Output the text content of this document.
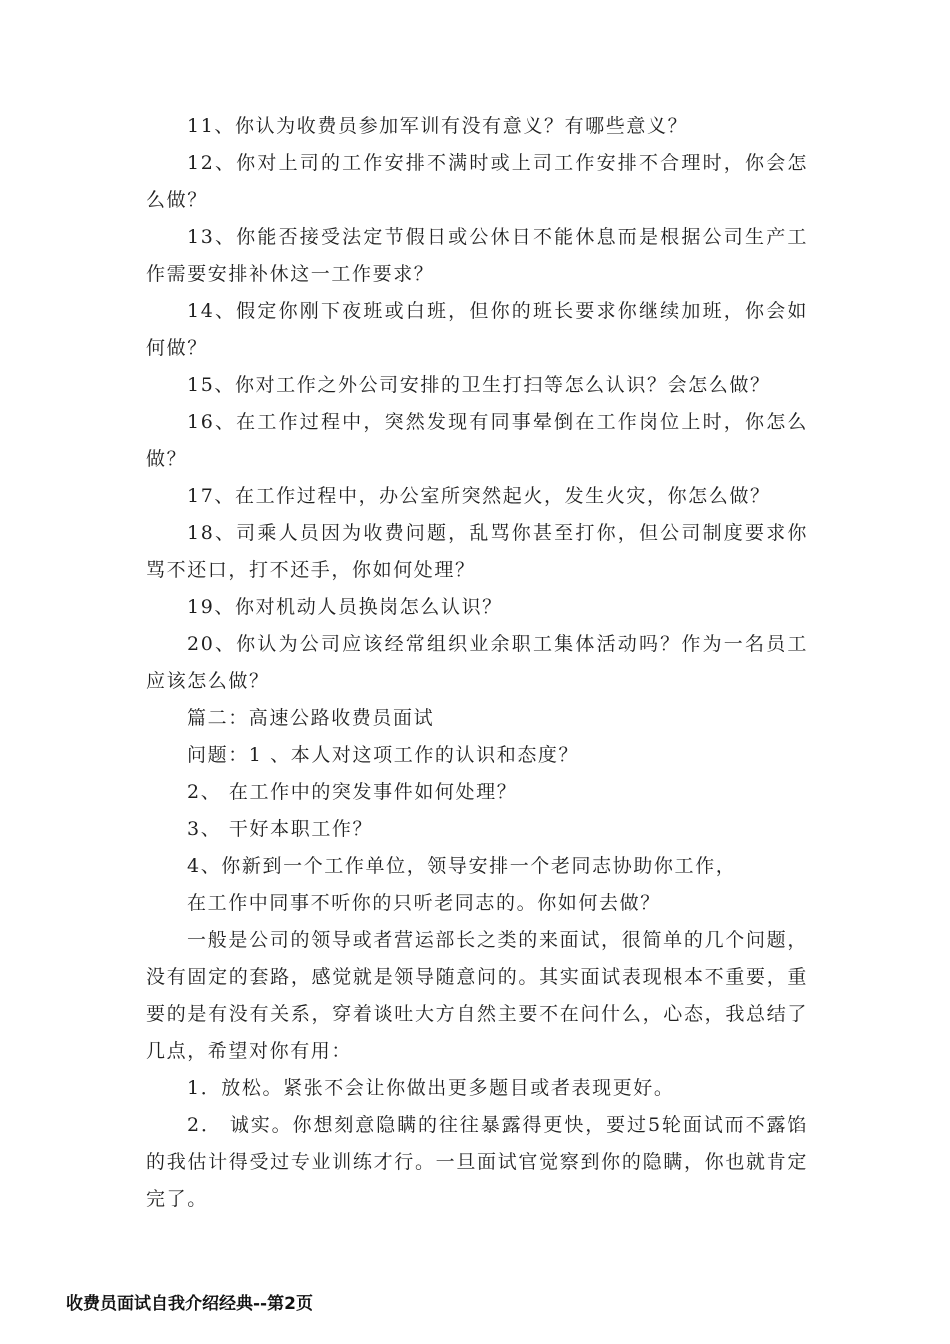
11、你认为收费员参加军训有没有意义？有哪些意义？

12、你对上司的工作安排不满时或上司工作安排不合理时，你会怎么做？

13、你能否接受法定节假日或公休日不能休息而是根据公司生产工作需要安排补休这一工作要求？

14、假定你刚下夜班或白班，但你的班长要求你继续加班，你会如何做？

15、你对工作之外公司安排的卫生打扫等怎么认识？会怎么做？

16、在工作过程中，突然发现有同事晕倒在工作岗位上时，你怎么做？

17、在工作过程中，办公室所突然起火，发生火灾，你怎么做？

18、司乘人员因为收费问题，乱骂你甚至打你，但公司制度要求你骂不还口，打不还手，你如何处理？

19、你对机动人员换岗怎么认识？

20、你认为公司应该经常组织业余职工集体活动吗？作为一名员工应该怎么做？

篇二：高速公路收费员面试

问题：1 、本人对这项工作的认识和态度？

2、 在工作中的突发事件如何处理？

3、 干好本职工作？

4、你新到一个工作单位，领导安排一个老同志协助你工作，

在工作中同事不听你的只听老同志的。你如何去做？

一般是公司的领导或者营运部长之类的来面试，很简单的几个问题，没有固定的套路，感觉就是领导随意问的。其实面试表现根本不重要，重要的是有没有关系，穿着谈吐大方自然主要不在问什么，心态，我总结了几点，希望对你有用：

1．放松。紧张不会让你做出更多题目或者表现更好。

2． 诚实。你想刻意隐瞒的往往暴露得更快，要过5轮面试而不露馅的我估计得受过专业训练才行。一旦面试官觉察到你的隐瞒，你也就肯定完了。

收费员面试自我介绍经典--第2页
